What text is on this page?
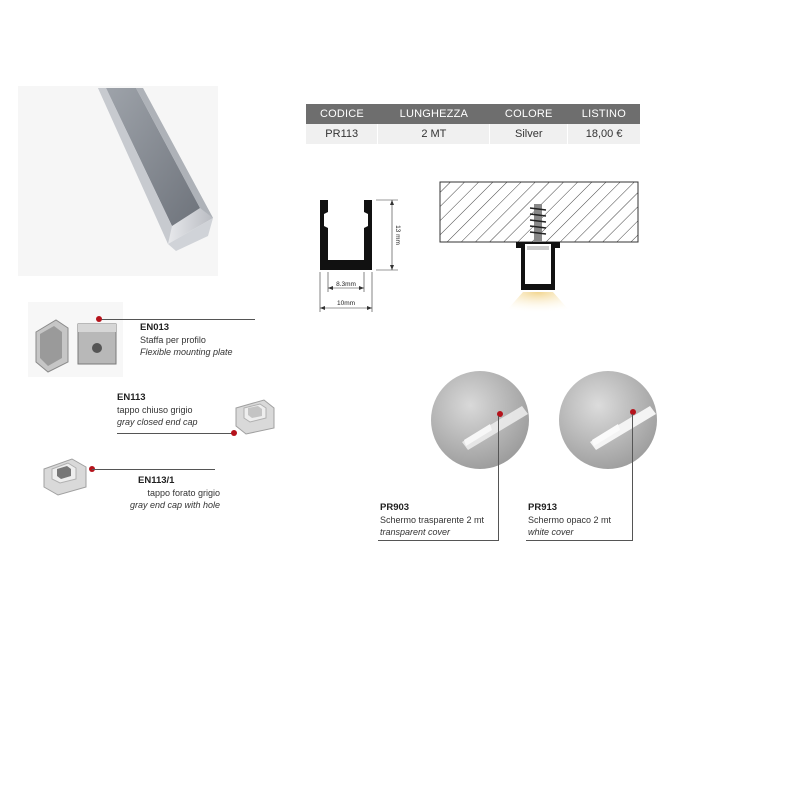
CODICE	LUNGHEZZA	COLORE	LISTINO
PR113	2 MT	Silver	18,00 €
13 mm
8.3mm
10mm
EN013
Staffa per profilo
Flexible mounting plate
EN113
tappo chiuso grigio
gray closed end cap
EN113/1
tappo forato grigio
gray end cap with hole	PR903
Schermo trasparente 2 mt
transparent cover
PR913
Schermo opaco 2 mt
white cover
